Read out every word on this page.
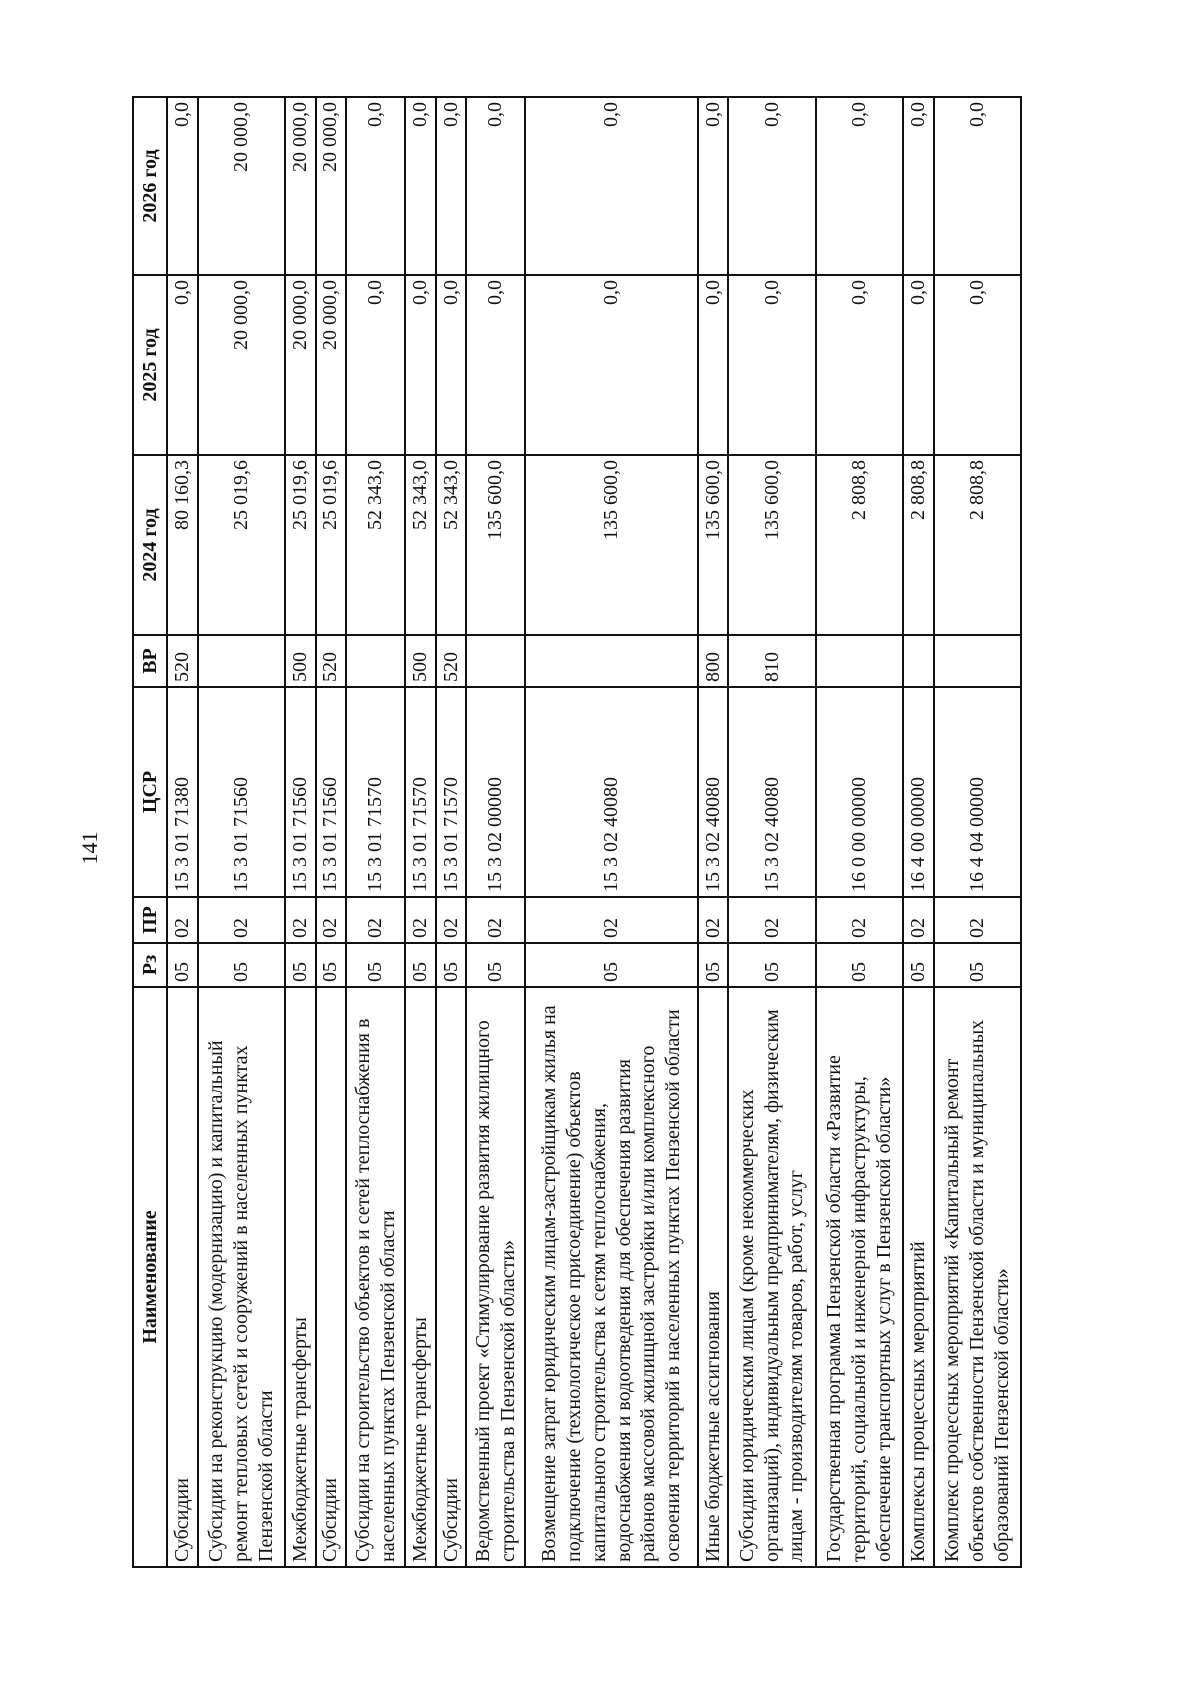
141
Наименование	Рз	ПР	ЦСР	ВР	2024 год	2025 год	2026 год
Субсидии	05	02	15 3 01 71380	520	80 160,3	0,0	0,0
Субсидии на реконструкцию (модернизацию) и капитальный ремонт тепловых сетей и сооружений в населенных пунктах Пензенской области	05	02	15 3 01 71560		25 019,6	20 000,0	20 000,0
Межбюджетные трансферты	05	02	15 3 01 71560	500	25 019,6	20 000,0	20 000,0
Субсидии	05	02	15 3 01 71560	520	25 019,6	20 000,0	20 000,0
Субсидии на строительство объектов и сетей теплоснабжения в населенных пунктах Пензенской области	05	02	15 3 01 71570		52 343,0	0,0	0,0
Межбюджетные трансферты	05	02	15 3 01 71570	500	52 343,0	0,0	0,0
Субсидии	05	02	15 3 01 71570	520	52 343,0	0,0	0,0
Ведомственный проект «Стимулирование развития жилищного строительства в Пензенской области»	05	02	15 3 02 00000		135 600,0	0,0	0,0
Возмещение затрат юридическим лицам-застройщикам жилья на подключение (технологическое присоединение) объектов капитального строительства к сетям теплоснабжения, водоснабжения и водоотведения для обеспечения развития районов массовой жилищной застройки и/или комплексного освоения территорий в населенных пунктах Пензенской области	05	02	15 3 02 40080		135 600,0	0,0	0,0
Иные бюджетные ассигнования	05	02	15 3 02 40080	800	135 600,0	0,0	0,0
Субсидии юридическим лицам (кроме некоммерческих организаций), индивидуальным предпринимателям, физическим лицам - производителям товаров, работ, услуг	05	02	15 3 02 40080	810	135 600,0	0,0	0,0
Государственная программа Пензенской области «Развитие территорий, социальной и инженерной инфраструктуры, обеспечение транспортных услуг в Пензенской области»	05	02	16 0 00 00000		2 808,8	0,0	0,0
Комплексы процессных мероприятий	05	02	16 4 00 00000		2 808,8	0,0	0,0
Комплекс процессных мероприятий «Капитальный ремонт объектов собственности Пензенской области и муниципальных образований Пензенской области»	05	02	16 4 04 00000		2 808,8	0,0	0,0
